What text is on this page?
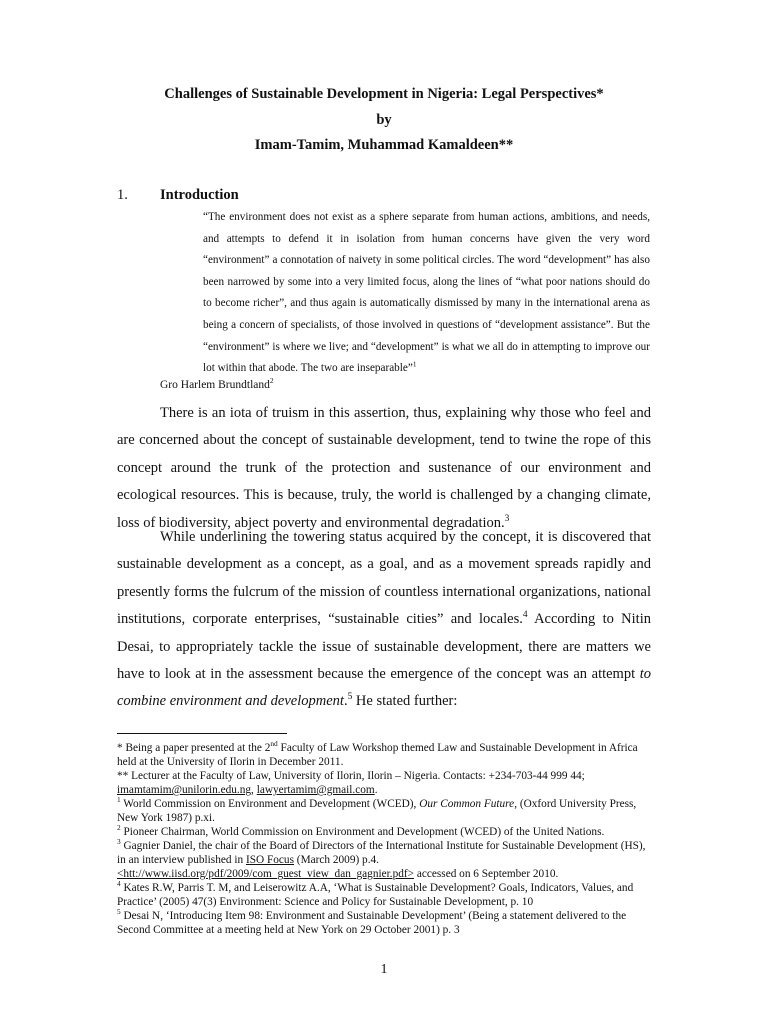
Challenges of Sustainable Development in Nigeria: Legal Perspectives*
by
Imam-Tamim, Muhammad Kamaldeen**
1. Introduction
“The environment does not exist as a sphere separate from human actions, ambitions, and needs, and attempts to defend it in isolation from human concerns have given the very word “environment” a connotation of naivety in some political circles. The word “development” has also been narrowed by some into a very limited focus, along the lines of “what poor nations should do to become richer”, and thus again is automatically dismissed by many in the international arena as being a concern of specialists, of those involved in questions of “development assistance”. But the “environment” is where we live; and “development” is what we all do in attempting to improve our lot within that abode. The two are inseparable”$^1$
Gro Harlem Brundtland$^2$
There is an iota of truism in this assertion, thus, explaining why those who feel and are concerned about the concept of sustainable development, tend to twine the rope of this concept around the trunk of the protection and sustenance of our environment and ecological resources. This is because, truly, the world is challenged by a changing climate, loss of biodiversity, abject poverty and environmental degradation.$^3$
While underlining the towering status acquired by the concept, it is discovered that sustainable development as a concept, as a goal, and as a movement spreads rapidly and presently forms the fulcrum of the mission of countless international organizations, national institutions, corporate enterprises, “sustainable cities” and locales.$^4$ According to Nitin Desai, to appropriately tackle the issue of sustainable development, there are matters we have to look at in the assessment because the emergence of the concept was an attempt to combine environment and development.$^5$ He stated further:

* Being a paper presented at the 2nd Faculty of Law Workshop themed Law and Sustainable Development in Africa held at the University of Ilorin in December 2011.

** Lecturer at the Faculty of Law, University of Ilorin, Ilorin – Nigeria. Contacts: +234-703-44 999 44;
imamtamim@unilorin.edu.ng, lawyertamim@gmail.com.

$^1$ World Commission on Environment and Development (WCED), Our Common Future, (Oxford University Press, New York 1987) p.xi.

$^2$ Pioneer Chairman, World Commission on Environment and Development (WCED) of the United Nations.

$^3$ Gagnier Daniel, the chair of the Board of Directors of the International Institute for Sustainable Development (HS), in an interview published in ISO Focus (March 2009) p.4.
<htt://www.iisd.org/pdf/2009/com_guest_view_dan_gagnier.pdf> accessed on 6 September 2010.

$^4$ Kates R.W, Parris T. M, and Leiserowitz A.A, ‘What is Sustainable Development? Goals, Indicators, Values, and Practice’ (2005) 47(3) Environment: Science and Policy for Sustainable Development, p. 10

$^5$ Desai N, ‘Introducing Item 98: Environment and Sustainable Development’ (Being a statement delivered to the Second Committee at a meeting held at New York on 29 October 2001) p. 3

1
